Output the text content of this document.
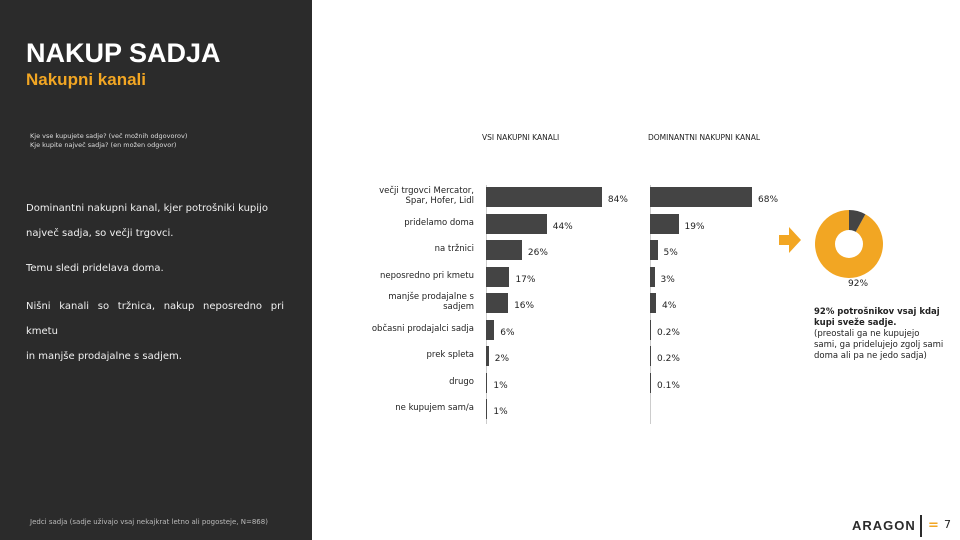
NAKUP SADJA
Nakupni kanali
Kje vse kupujete sadje? (več možnih odgovorov)
Kje kupite največ sadja? (en možen odgovor)
Dominantni nakupni kanal, kjer potrošniki kupijo
največ sadja, so večji trgovci.
Temu sledi pridelava doma.
Nišni kanali so tržnica, nakup neposredno pri kmetu
in manjše prodajalne s sadjem.
Jedci sadja (sadje uživajo vsaj nekajkrat letno ali pogosteje, N=868)
VSI NAKUPNI KANALI	DOMINANTNI NAKUPNI KANAL
večji trgovci Mercator, Spar, Hofer, Lidl	84%	68%
pridelamo doma	44%	19%
na tržnici	26%	5%
neposredno pri kmetu	17%	3%
manjše prodajalne s sadjem	16%	4%
občasni prodajalci sadja	6%	0.2%
prek spleta 2%	0.2%
drugo 1%	0.1%
ne kupujem sam/a 1%
92%
92% potrošnikov vsaj kdaj kupi sveže sadje.
(preostali ga ne kupujejo sami, ga pridelujejo zgolj sami doma ali pa ne jedo sadja)
ARAGON = 7
